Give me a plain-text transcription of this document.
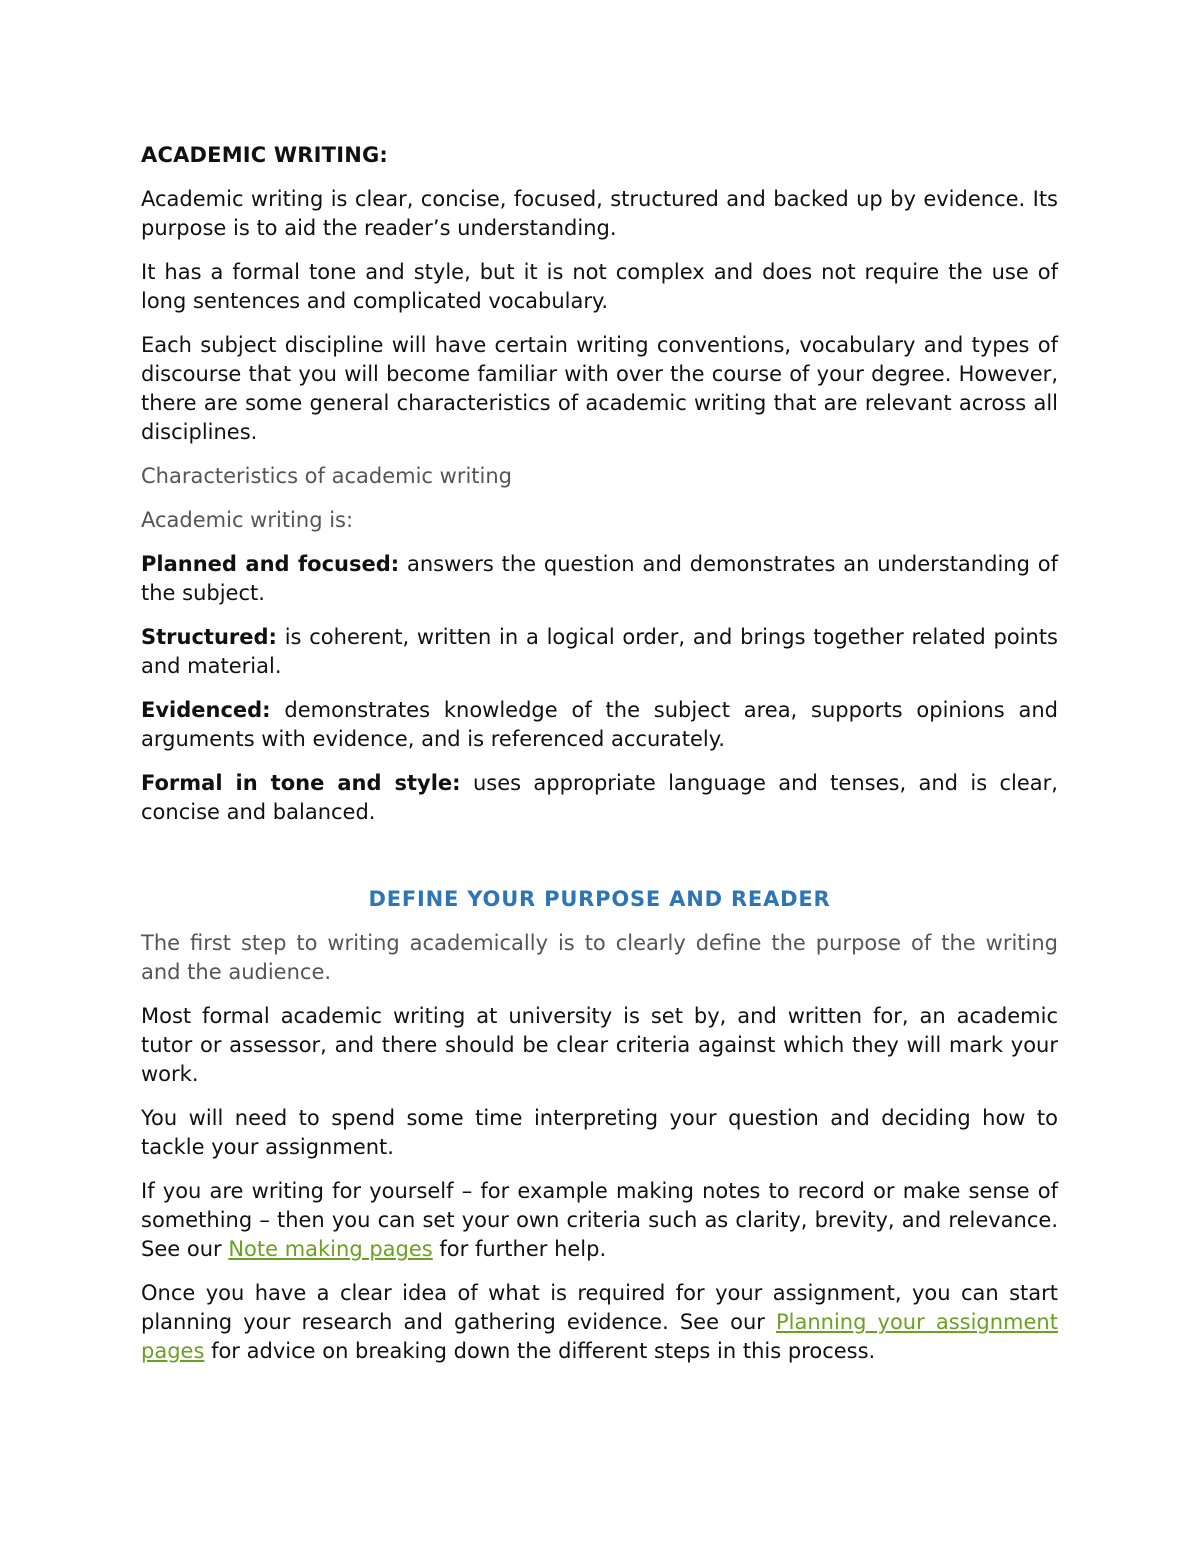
ACADEMIC WRITING:

Academic writing is clear, concise, focused, structured and backed up by evidence. Its purpose is to aid the reader’s understanding.

It has a formal tone and style, but it is not complex and does not require the use of long sentences and complicated vocabulary.

Each subject discipline will have certain writing conventions, vocabulary and types of discourse that you will become familiar with over the course of your degree. However, there are some general characteristics of academic writing that are relevant across all disciplines.

Characteristics of academic writing

Academic writing is:

Planned and focused: answers the question and demonstrates an understanding of the subject.

Structured: is coherent, written in a logical order, and brings together related points and material.

Evidenced: demonstrates knowledge of the subject area, supports opinions and arguments with evidence, and is referenced accurately.

Formal in tone and style: uses appropriate language and tenses, and is clear, concise and balanced.

DEFINE YOUR PURPOSE AND READER

The first step to writing academically is to clearly define the purpose of the writing and the audience.

Most formal academic writing at university is set by, and written for, an academic tutor or assessor, and there should be clear criteria against which they will mark your work.

You will need to spend some time interpreting your question and deciding how to tackle your assignment.

If you are writing for yourself – for example making notes to record or make sense of something – then you can set your own criteria such as clarity, brevity, and relevance. See our Note making pages for further help.

Once you have a clear idea of what is required for your assignment, you can start planning your research and gathering evidence. See our Planning your assignment pages for advice on breaking down the different steps in this process.
